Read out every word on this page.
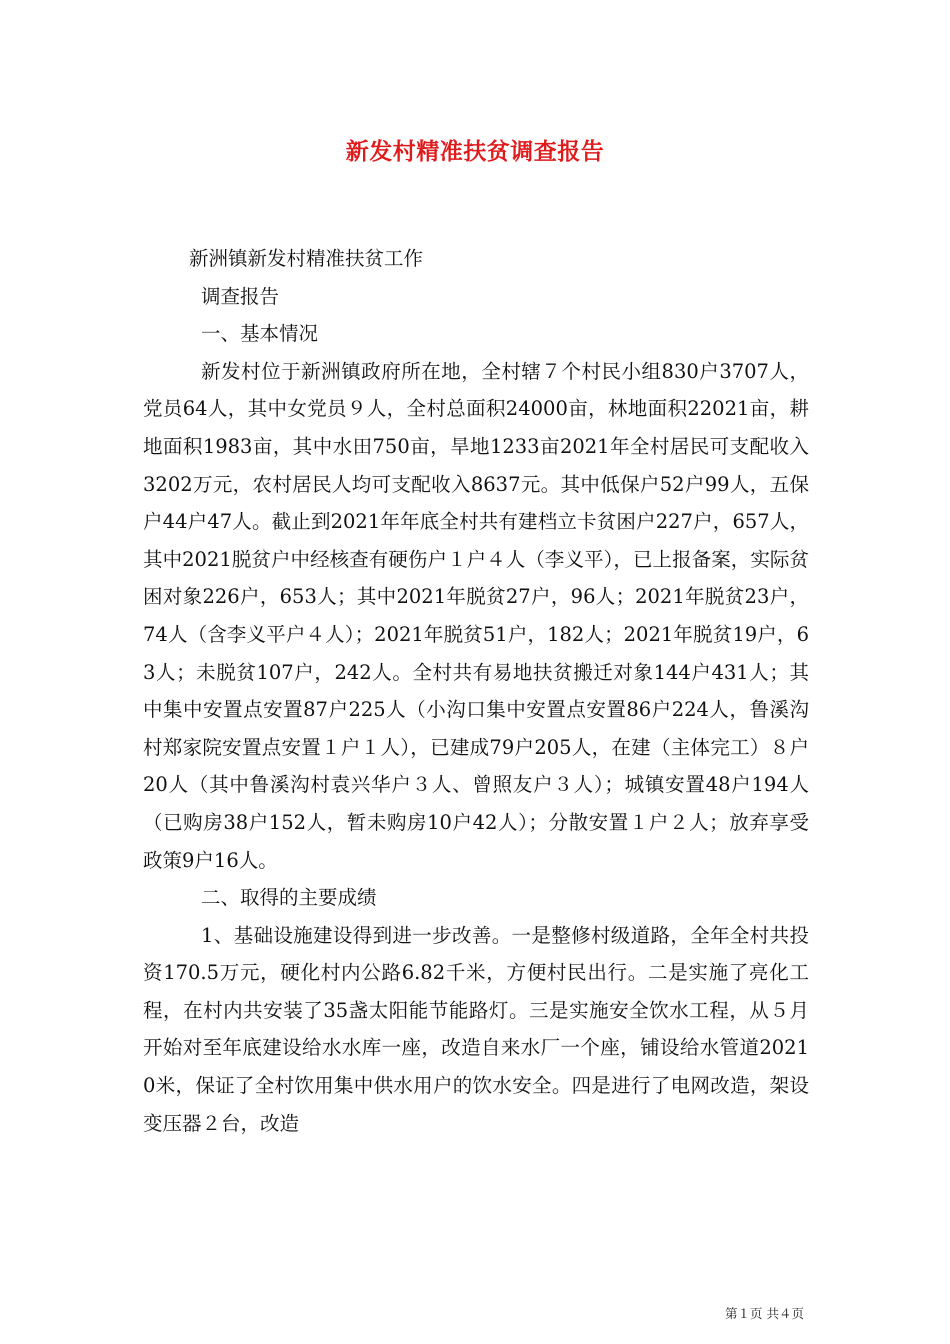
新发村精准扶贫调查报告
新洲镇新发村精准扶贫工作
调查报告
一、基本情况
新发村位于新洲镇政府所在地，全村辖７个村民小组830户3707人，党员64人，其中女党员９人，全村总面积24000亩，林地面积22021亩，耕地面积1983亩，其中水田750亩，旱地1233亩2021年全村居民可支配收入3202万元，农村居民人均可支配收入8637元。其中低保户52户99人，五保户44户47人。截止到2021年年底全村共有建档立卡贫困户227户，657人，其中2021脱贫户中经核查有硬伤户１户４人（李义平），已上报备案，实际贫困对象226户，653人；其中2021年脱贫27户，96人；2021年脱贫23户，74人（含李义平户４人）；2021年脱贫51户，182人；2021年脱贫19户，63人；未脱贫107户，242人。全村共有易地扶贫搬迁对象144户431人；其中集中安置点安置87户225人（小沟口集中安置点安置86户224人，鲁溪沟村郑家院安置点安置１户１人），已建成79户205人，在建（主体完工）８户20人（其中鲁溪沟村袁兴华户３人、曾照友户３人）；城镇安置48户194人（已购房38户152人，暂未购房10户42人）；分散安置１户２人；放弃享受政策9户16人。
二、取得的主要成绩
1、基础设施建设得到进一步改善。一是整修村级道路，全年全村共投资170.5万元，硬化村内公路6.82千米，方便村民出行。二是实施了亮化工程，在村内共安装了35盏太阳能节能路灯。三是实施安全饮水工程，从５月开始对至年底建设给水水库一座，改造自来水厂一个座，铺设给水管道20210米，保证了全村饮用集中供水用户的饮水安全。四是进行了电网改造，架设变压器２台，改造
第１页 共４页
